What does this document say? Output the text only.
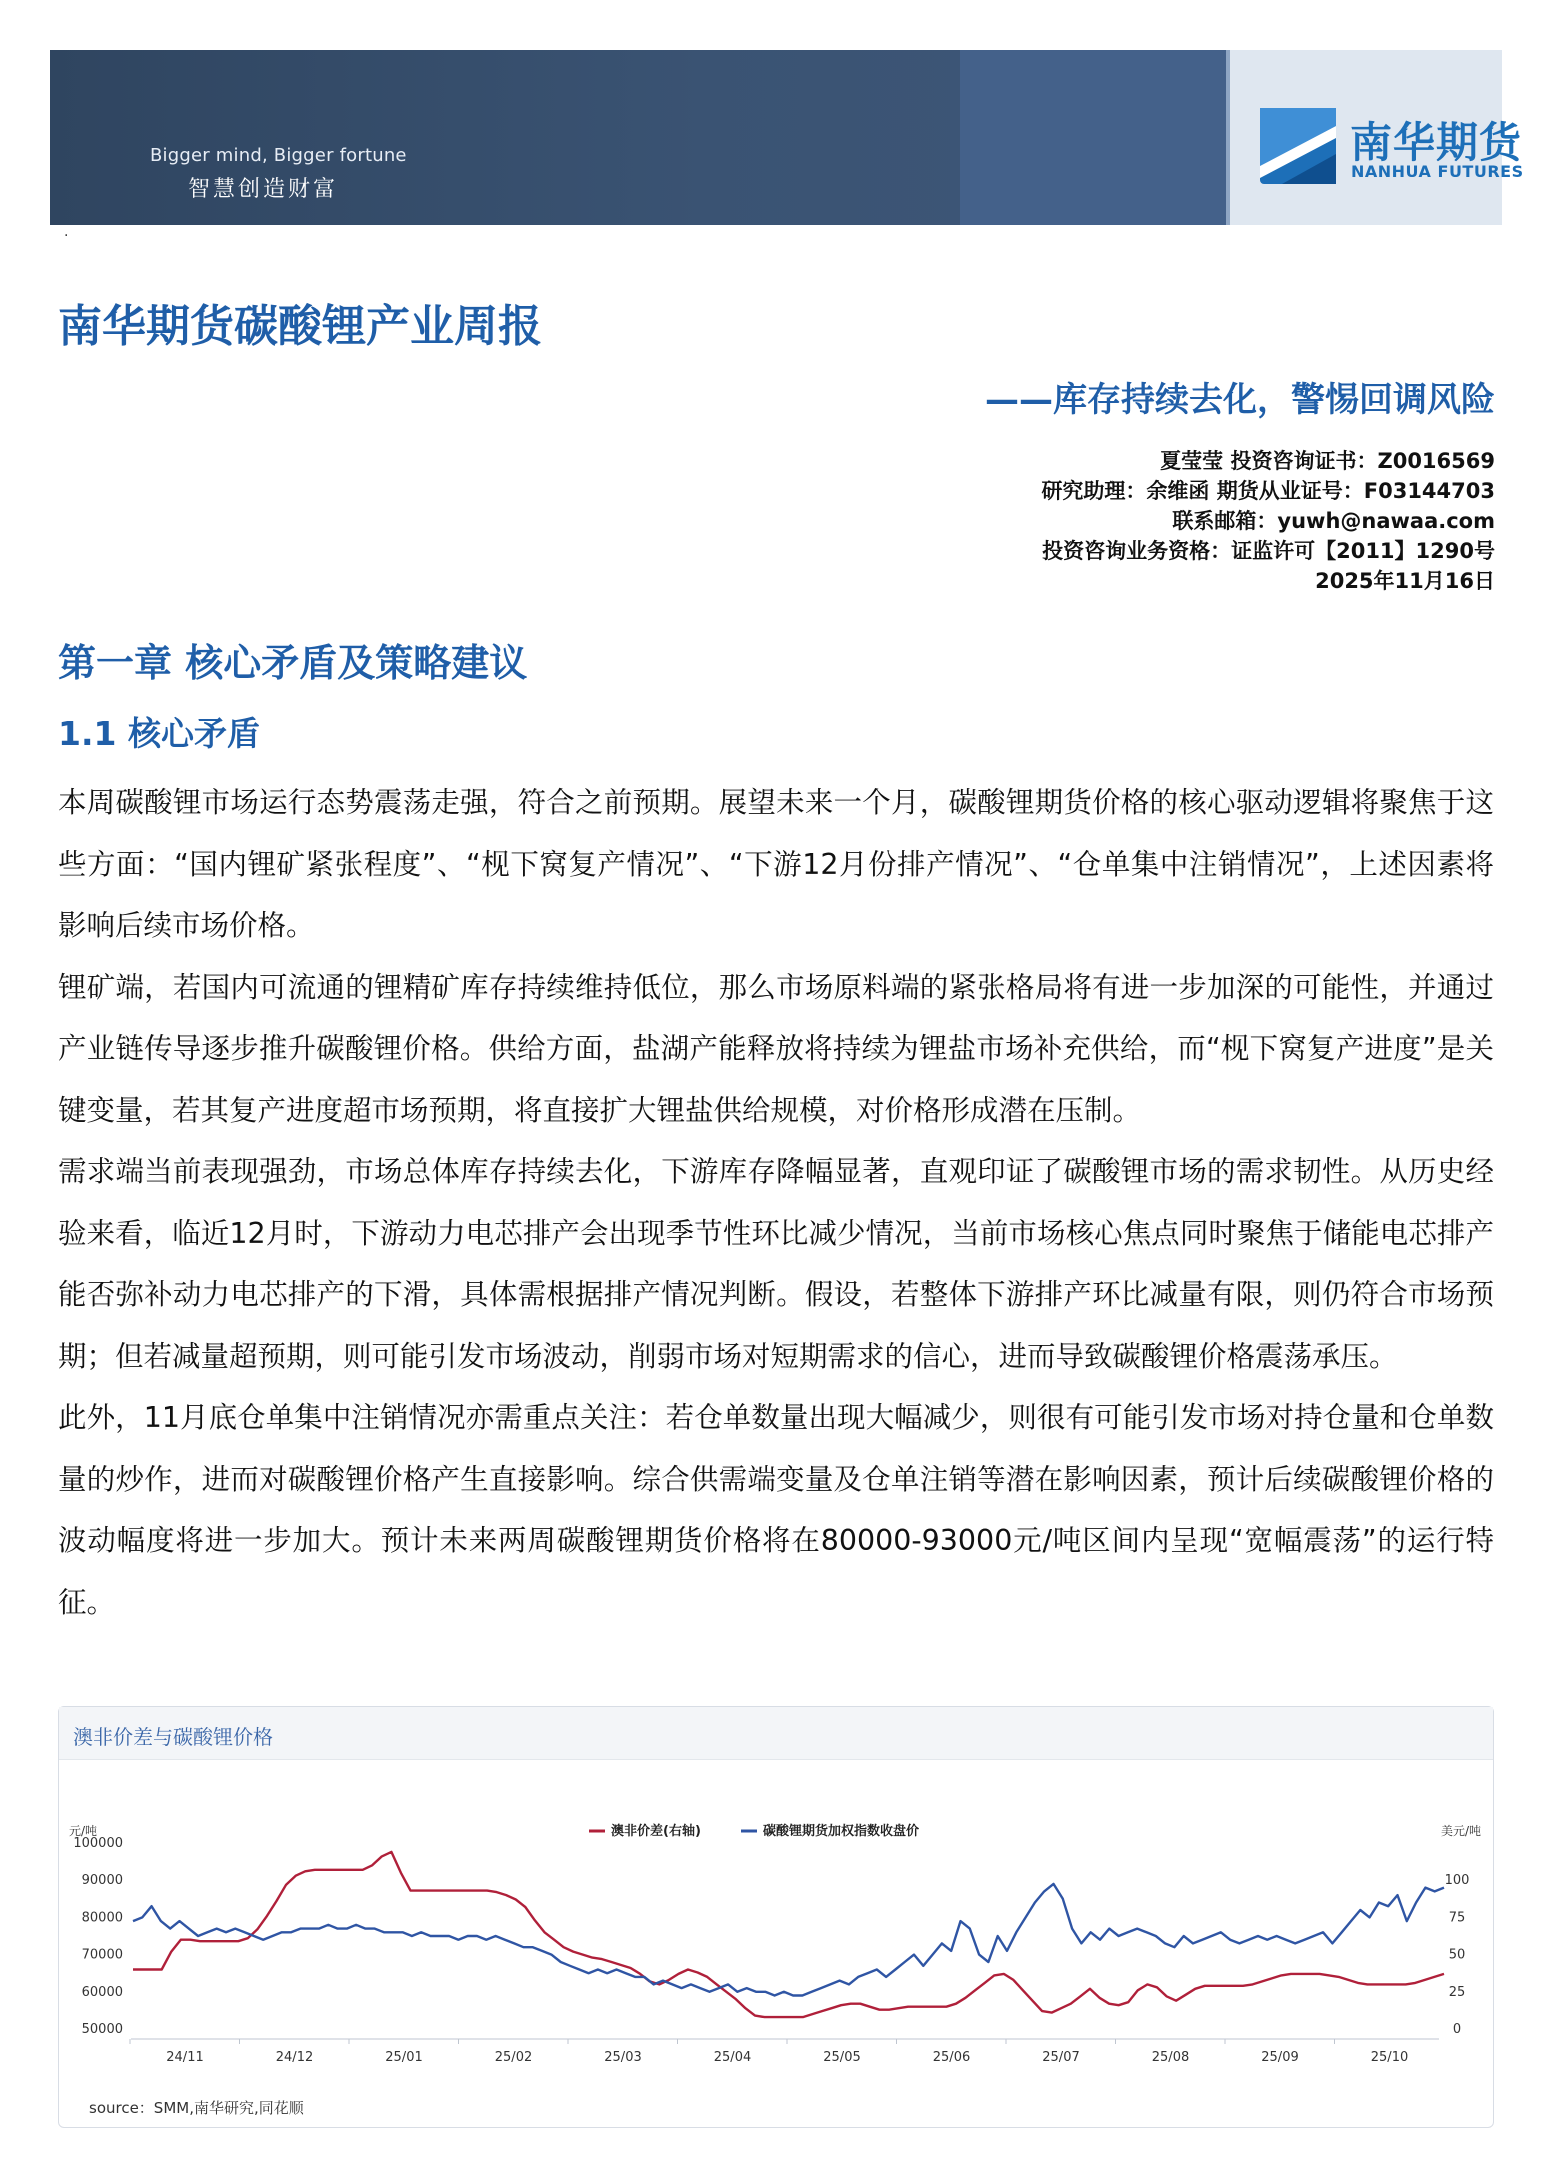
Bigger mind, Bigger fortune
智慧创造财富
南华期货
NANHUA FUTURES
·
南华期货碳酸锂产业周报
——库存持续去化，警惕回调风险
夏莹莹 投资咨询证书：Z0016569
研究助理：余维函 期货从业证号：F03144703
联系邮箱：yuwh@nawaa.com
投资咨询业务资格：证监许可【2011】1290号
2025年11月16日
第一章 核心矛盾及策略建议
1.1 核心矛盾

本周碳酸锂市场运行态势震荡走强，符合之前预期。展望未来一个月，碳酸锂期货价格的核心驱动逻辑将聚焦于这些方面：“国内锂矿紧张程度”、“枧下窝复产情况”、“下游12月份排产情况”、“仓单集中注销情况”，上述因素将影响后续市场价格。

锂矿端，若国内可流通的锂精矿库存持续维持低位，那么市场原料端的紧张格局将有进一步加深的可能性，并通过产业链传导逐步推升碳酸锂价格。供给方面，盐湖产能释放将持续为锂盐市场补充供给，而“枧下窝复产进度”是关键变量，若其复产进度超市场预期，将直接扩大锂盐供给规模，对价格形成潜在压制。

需求端当前表现强劲，市场总体库存持续去化，下游库存降幅显著，直观印证了碳酸锂市场的需求韧性。从历史经验来看，临近12月时，下游动力电芯排产会出现季节性环比减少情况，当前市场核心焦点同时聚焦于储能电芯排产能否弥补动力电芯排产的下滑，具体需根据排产情况判断。假设，若整体下游排产环比减量有限，则仍符合市场预期；但若减量超预期，则可能引发市场波动，削弱市场对短期需求的信心，进而导致碳酸锂价格震荡承压。

此外，11月底仓单集中注销情况亦需重点关注：若仓单数量出现大幅减少，则很有可能引发市场对持仓量和仓单数量的炒作，进而对碳酸锂价格产生直接影响。综合供需端变量及仓单注销等潜在影响因素，预计后续碳酸锂价格的波动幅度将进一步加大。预计未来两周碳酸锂期货价格将在80000-93000元/吨区间内呈现“宽幅震荡”的运行特征。

澳非价差与碳酸锂价格
元/吨	美元/吨
100000
90000
80000
70000
60000
50000
100
75
50
25
0
24/11	24/12	25/01	25/02	25/03	25/04	25/05	25/06	25/07	25/08	25/09	25/10
澳非价差(右轴)	碳酸锂期货加权指数收盘价
source：SMM,南华研究,同花顺
